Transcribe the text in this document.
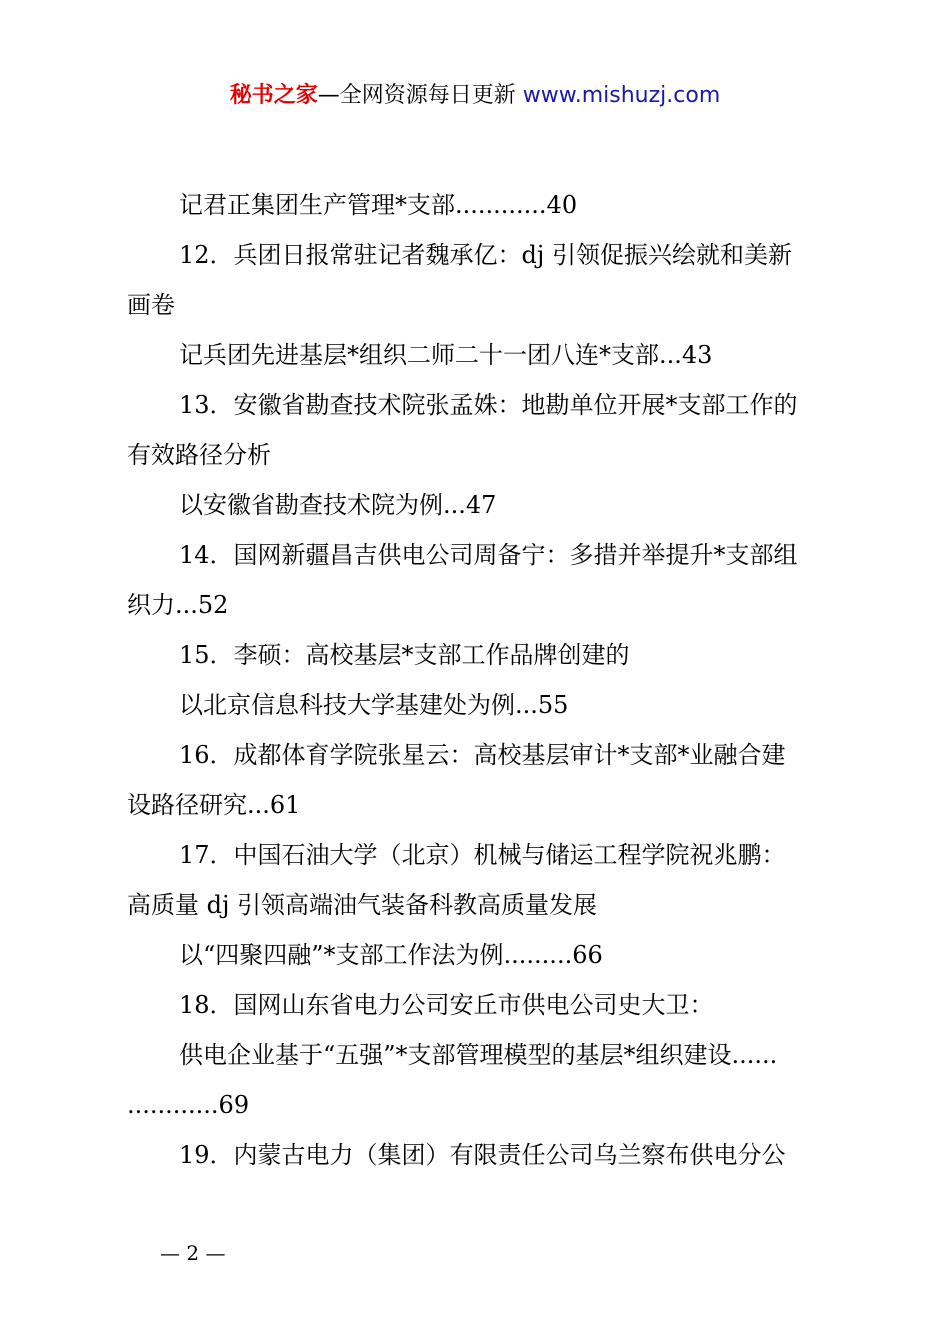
秘书之家—全网资源每日更新 www.mishuzj.com
记君正集团生产管理*支部............40
12．兵团日报常驻记者魏承亿：dj 引领促振兴绘就和美新
画卷
记兵团先进基层*组织二师二十一团八连*支部...43
13．安徽省勘查技术院张孟姝：地勘单位开展*支部工作的
有效路径分析
以安徽省勘查技术院为例...47
14．国网新疆昌吉供电公司周备宁：多措并举提升*支部组
织力...52
15．李硕：高校基层*支部工作品牌创建的
以北京信息科技大学基建处为例...55
16．成都体育学院张星云：高校基层审计*支部*业融合建
设路径研究...61
17．中国石油大学（北京）机械与储运工程学院祝兆鹏：
高质量 dj 引领高端油气装备科教高质量发展
以“四聚四融”*支部工作法为例.........66
18．国网山东省电力公司安丘市供电公司史大卫：
供电企业基于“五强”*支部管理模型的基层*组织建设......
............69
19．内蒙古电力（集团）有限责任公司乌兰察布供电分公
— 2 —
